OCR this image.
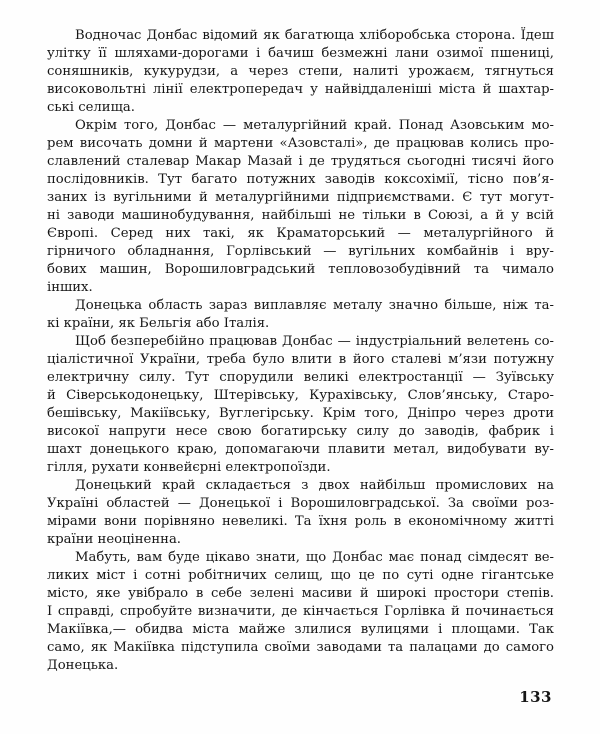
Водночас Донбас відомий як багатюща хліборобська сторона. Їдеш
улітку її шляхами-дорогами і бачиш безмежні лани озимої пшениці,
соняшників, кукурудзи, а через степи, налиті урожаєм, тягнуться
високовольтні лінії електропередач у найвіддаленіші міста й шахтар-
ські селища.
Окрім того, Донбас — металургійний край. Понад Азовським мо-
рем височать домни й мартени «Азовсталі», де працював колись про-
славлений сталевар Макар Мазай і де трудяться сьогодні тисячі його
послідовників. Тут багато потужних заводів коксохімії, тісно пов’я-
заних із вугільними й металургійними підприємствами. Є тут могут-
ні заводи машинобудування, найбільші не тільки в Союзі, а й у всій
Європі. Серед них такі, як Краматорський — металургійного й
гірничого обладнання, Горлівський — вугільних комбайнів і вру-
бових машин, Ворошиловградський тепловозобудівний та чимало
інших.
Донецька область зараз виплавляє металу значно більше, ніж та-
кі країни, як Бельгія або Італія.
Щоб безперебійно працював Донбас — індустріальний велетень со-
ціалістичної України, треба було влити в його сталеві м’язи потужну
електричну силу. Тут спорудили великі електростанції — Зуївську
й Сіверськодонецьку, Штерівську, Курахівську, Слов’янську, Старо-
бешівську, Макіївську, Вуглегірську. Крім того, Дніпро через дроти
високої напруги несе свою богатирську силу до заводів, фабрик і
шахт донецького краю, допомагаючи плавити метал, видобувати ву-
гілля, рухати конвейєрні електропоїзди.
Донецький край складається з двох найбільш промислових на
Україні областей — Донецької і Ворошиловградської. За своїми роз-
мірами вони порівняно невеликі. Та їхня роль в економічному житті
країни неоціненна.
Мабуть, вам буде цікаво знати, що Донбас має понад сімдесят ве-
ликих міст і сотні робітничих селищ, що це по суті одне гігантське
місто, яке увібрало в себе зелені масиви й широкі простори степів.
І справді, спробуйте визначити, де кінчається Горлівка й починається
Макіївка,— обидва міста майже злилися вулицями і площами. Так
само, як Макіївка підступила своїми заводами та палацами до самого
Донецька.
133
